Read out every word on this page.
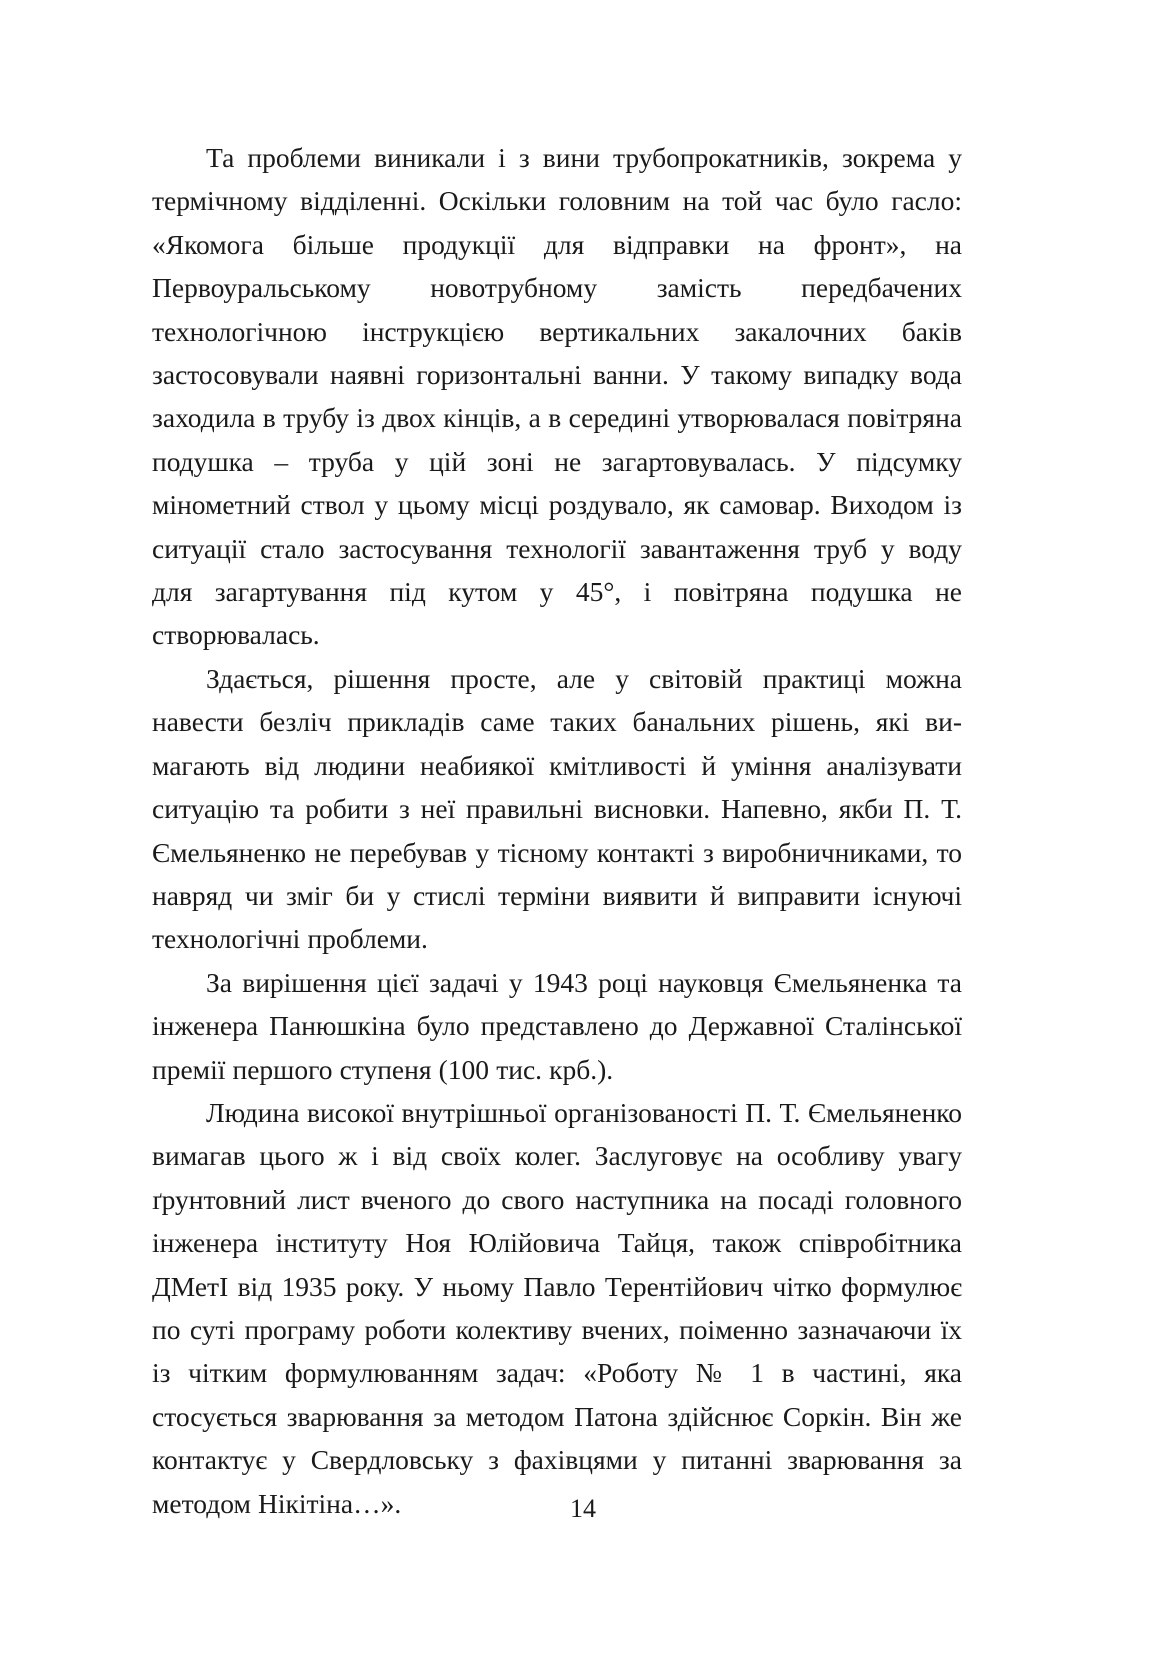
Та проблеми виникали і з вини трубопрокатників, зокрема у термічному відділенні. Оскільки головним на той час було гасло: «Якомога більше продукції для відправки на фронт», на Первоуральському новотрубному замість передбачених технологічною інструкцією вертикальних закалочних баків застосовували наявні горизонтальні ванни. У такому випадку вода заходила в трубу із двох кінців, а в середині утворювалася повітряна подушка – труба у цій зоні не загартовувалась. У підсумку мінометний ствол у цьому місці роздувало, як самовар. Виходом із ситуації стало застосування технології завантаження труб у воду для загартування під кутом у 45°, і повітряна подушка не створювалась.

Здається, рішення просте, але у світовій практиці можна навести безліч прикладів саме таких банальних рішень, які вимагають від людини неабиякої кмітливості й уміння аналізувати ситуацію та робити з неї правильні висновки. Напевно, якби П. Т. Ємельяненко не перебував у тісному контакті з виробничниками, то навряд чи зміг би у стислі терміни виявити й виправити існуючі технологічні проблеми.

За вирішення цієї задачі у 1943 році науковця Ємельяненка та інженера Панюшкіна було представлено до Державної Сталінської премії першого ступеня (100 тис. крб.).

Людина високої внутрішньої організованості П. Т. Ємельяненко вимагав цього ж і від своїх колег. Заслуговує на особливу увагу ґрунтовний лист вченого до свого наступника на посаді головного інженера інституту Ноя Юлійовича Тайця, також співробітника ДМетІ від 1935 року. У ньому Павло Терентійович чітко формулює по суті програму роботи колективу вчених, поіменно зазначаючи їх із чітким формулюванням задач: «Роботу № 1 в частині, яка стосується зварювання за методом Патона здійснює Соркін. Він же контактує у Свердловську з фахівцями у питанні зварювання за методом Нікітіна…».	14
